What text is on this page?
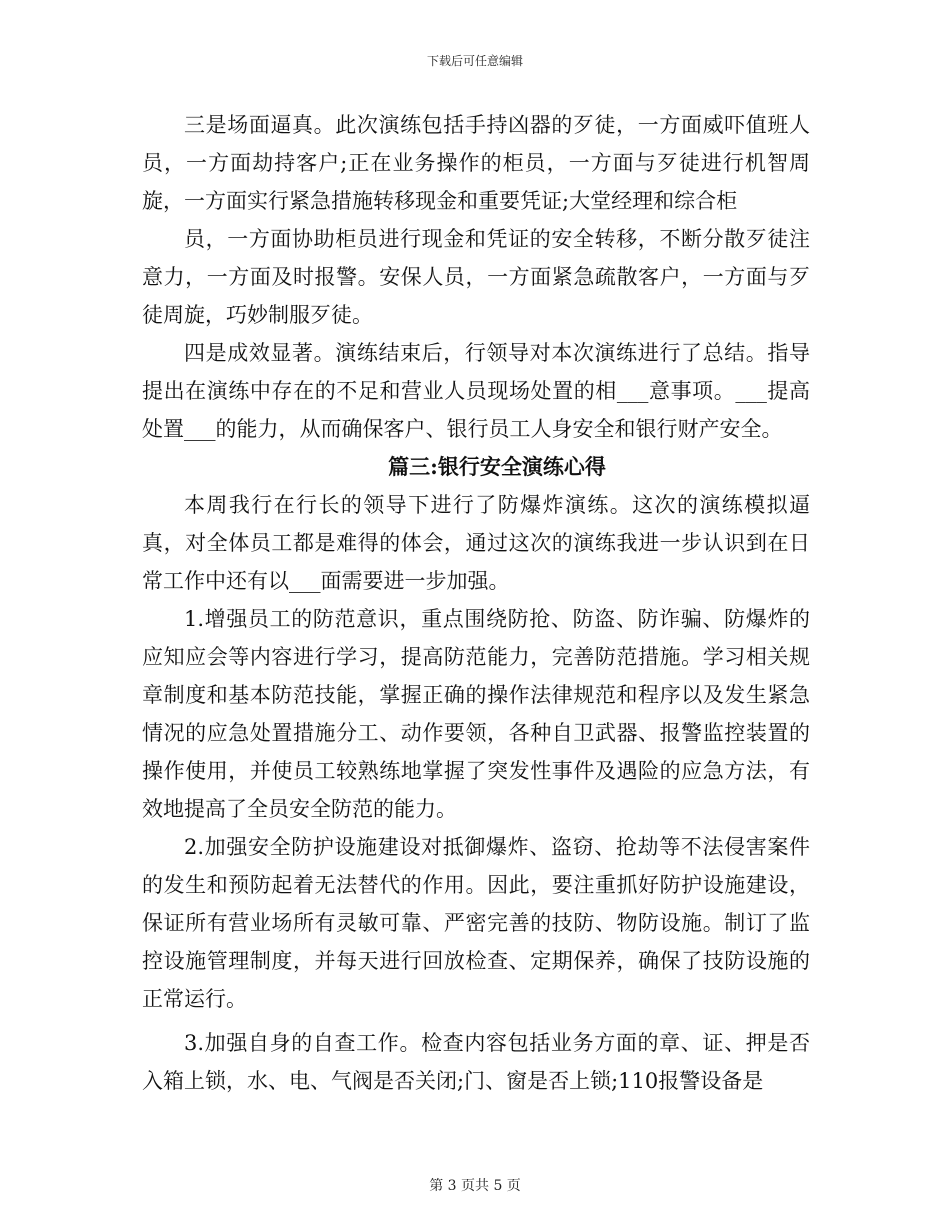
下载后可任意编辑

三是场面逼真。此次演练包括手持凶器的歹徒，一方面威吓值班人员，一方面劫持客户;正在业务操作的柜员，一方面与歹徒进行机智周旋，一方面实行紧急措施转移现金和重要凭证;大堂经理和综合柜

员，一方面协助柜员进行现金和凭证的安全转移，不断分散歹徒注意力，一方面及时报警。安保人员，一方面紧急疏散客户，一方面与歹徒周旋，巧妙制服歹徒。

四是成效显著。演练结束后，行领导对本次演练进行了总结。指导提出在演练中存在的不足和营业人员现场处置的相___意事项。___提高处置___的能力，从而确保客户、银行员工人身安全和银行财产安全。

篇三:银行安全演练心得

本周我行在行长的领导下进行了防爆炸演练。这次的演练模拟逼真，对全体员工都是难得的体会，通过这次的演练我进一步认识到在日常工作中还有以___面需要进一步加强。

1.增强员工的防范意识，重点围绕防抢、防盗、防诈骗、防爆炸的应知应会等内容进行学习，提高防范能力，完善防范措施。学习相关规章制度和基本防范技能，掌握正确的操作法律规范和程序以及发生紧急情况的应急处置措施分工、动作要领，各种自卫武器、报警监控装置的操作使用，并使员工较熟练地掌握了突发性事件及遇险的应急方法，有效地提高了全员安全防范的能力。

2.加强安全防护设施建设对抵御爆炸、盗窃、抢劫等不法侵害案件的发生和预防起着无法替代的作用。因此，要注重抓好防护设施建设，保证所有营业场所有灵敏可靠、严密完善的技防、物防设施。制订了监控设施管理制度，并每天进行回放检查、定期保养，确保了技防设施的正常运行。

3.加强自身的自查工作。检查内容包括业务方面的章、证、押是否入箱上锁，水、电、气阀是否关闭;门、窗是否上锁;110报警设备是

第 3 页共 5 页
